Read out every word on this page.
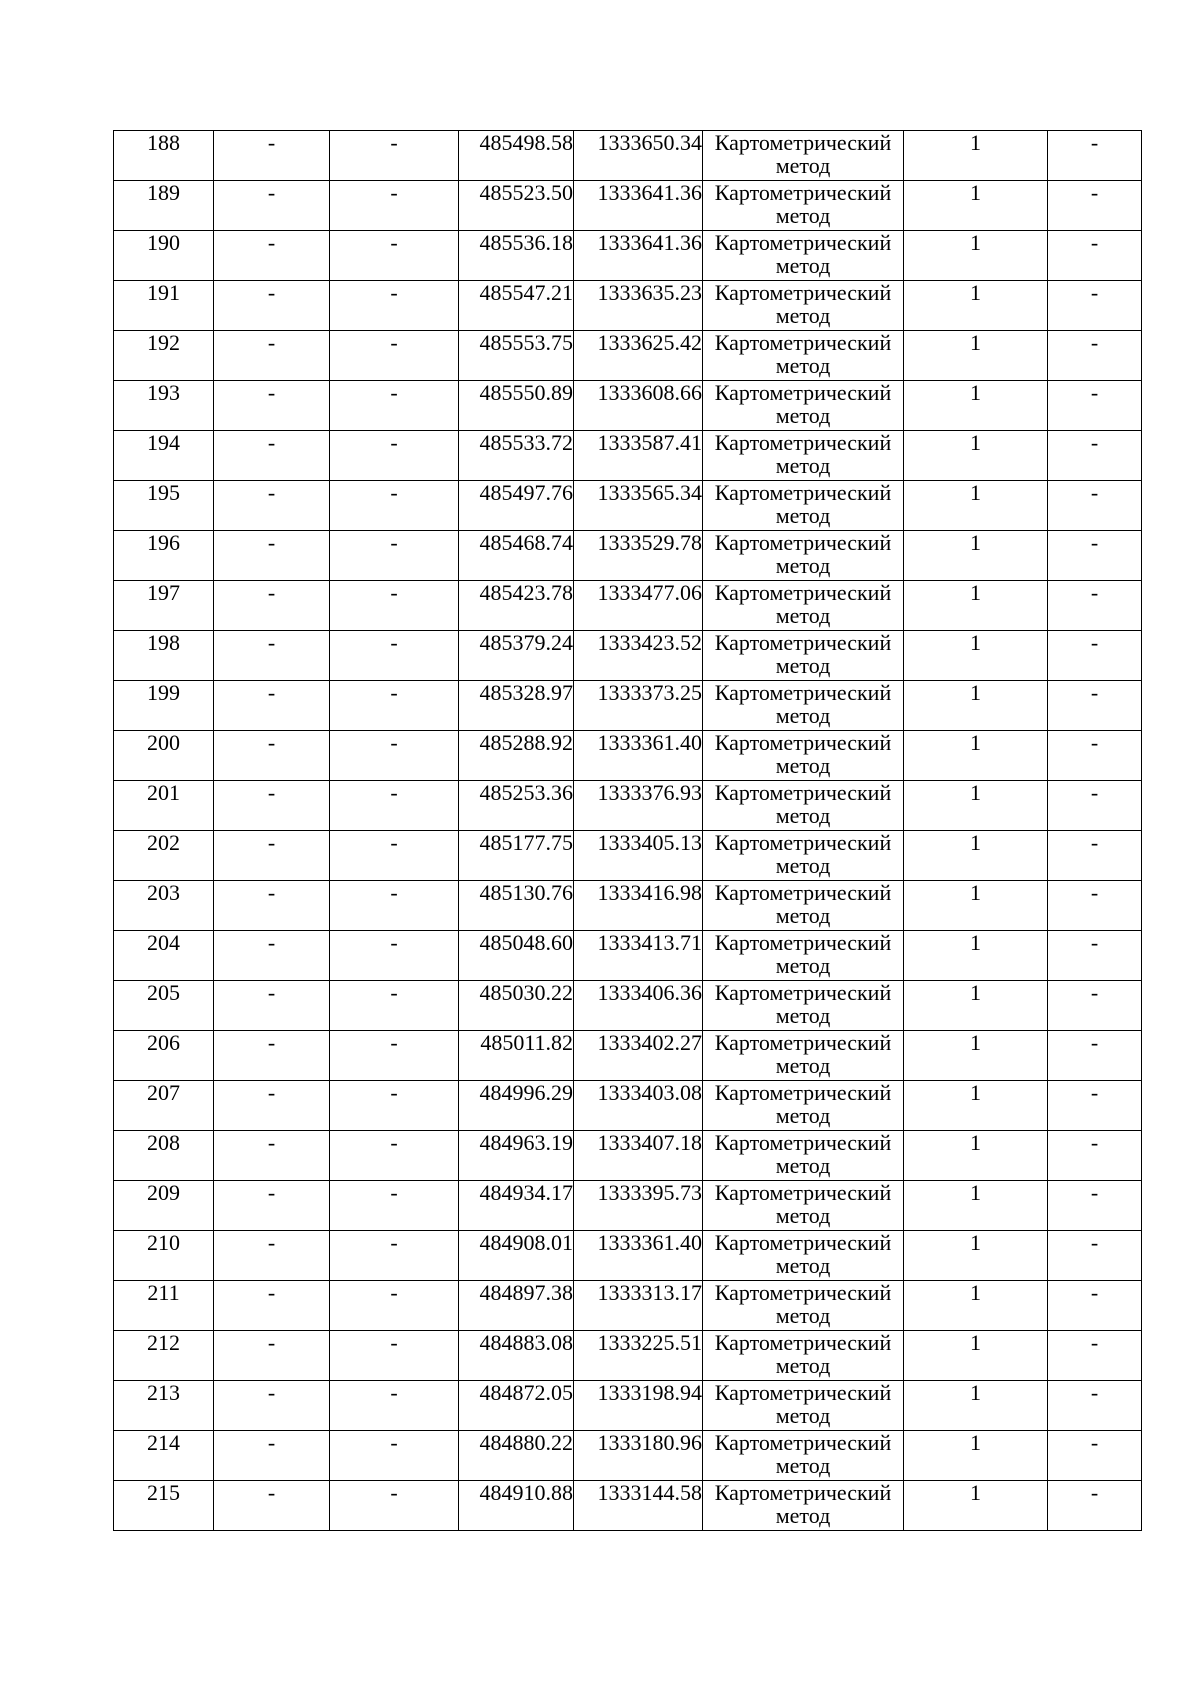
188	-	-	485498.58	1333650.34	Картометрический
метод	1	-
189	-	-	485523.50	1333641.36	Картометрический
метод	1	-
190	-	-	485536.18	1333641.36	Картометрический
метод	1	-
191	-	-	485547.21	1333635.23	Картометрический
метод	1	-
192	-	-	485553.75	1333625.42	Картометрический
метод	1	-
193	-	-	485550.89	1333608.66	Картометрический
метод	1	-
194	-	-	485533.72	1333587.41	Картометрический
метод	1	-
195	-	-	485497.76	1333565.34	Картометрический
метод	1	-
196	-	-	485468.74	1333529.78	Картометрический
метод	1	-
197	-	-	485423.78	1333477.06	Картометрический
метод	1	-
198	-	-	485379.24	1333423.52	Картометрический
метод	1	-
199	-	-	485328.97	1333373.25	Картометрический
метод	1	-
200	-	-	485288.92	1333361.40	Картометрический
метод	1	-
201	-	-	485253.36	1333376.93	Картометрический
метод	1	-
202	-	-	485177.75	1333405.13	Картометрический
метод	1	-
203	-	-	485130.76	1333416.98	Картометрический
метод	1	-
204	-	-	485048.60	1333413.71	Картометрический
метод	1	-
205	-	-	485030.22	1333406.36	Картометрический
метод	1	-
206	-	-	485011.82	1333402.27	Картометрический
метод	1	-
207	-	-	484996.29	1333403.08	Картометрический
метод	1	-
208	-	-	484963.19	1333407.18	Картометрический
метод	1	-
209	-	-	484934.17	1333395.73	Картометрический
метод	1	-
210	-	-	484908.01	1333361.40	Картометрический
метод	1	-
211	-	-	484897.38	1333313.17	Картометрический
метод	1	-
212	-	-	484883.08	1333225.51	Картометрический
метод	1	-
213	-	-	484872.05	1333198.94	Картометрический
метод	1	-
214	-	-	484880.22	1333180.96	Картометрический
метод	1	-
215	-	-	484910.88	1333144.58	Картометрический
метод	1	-
